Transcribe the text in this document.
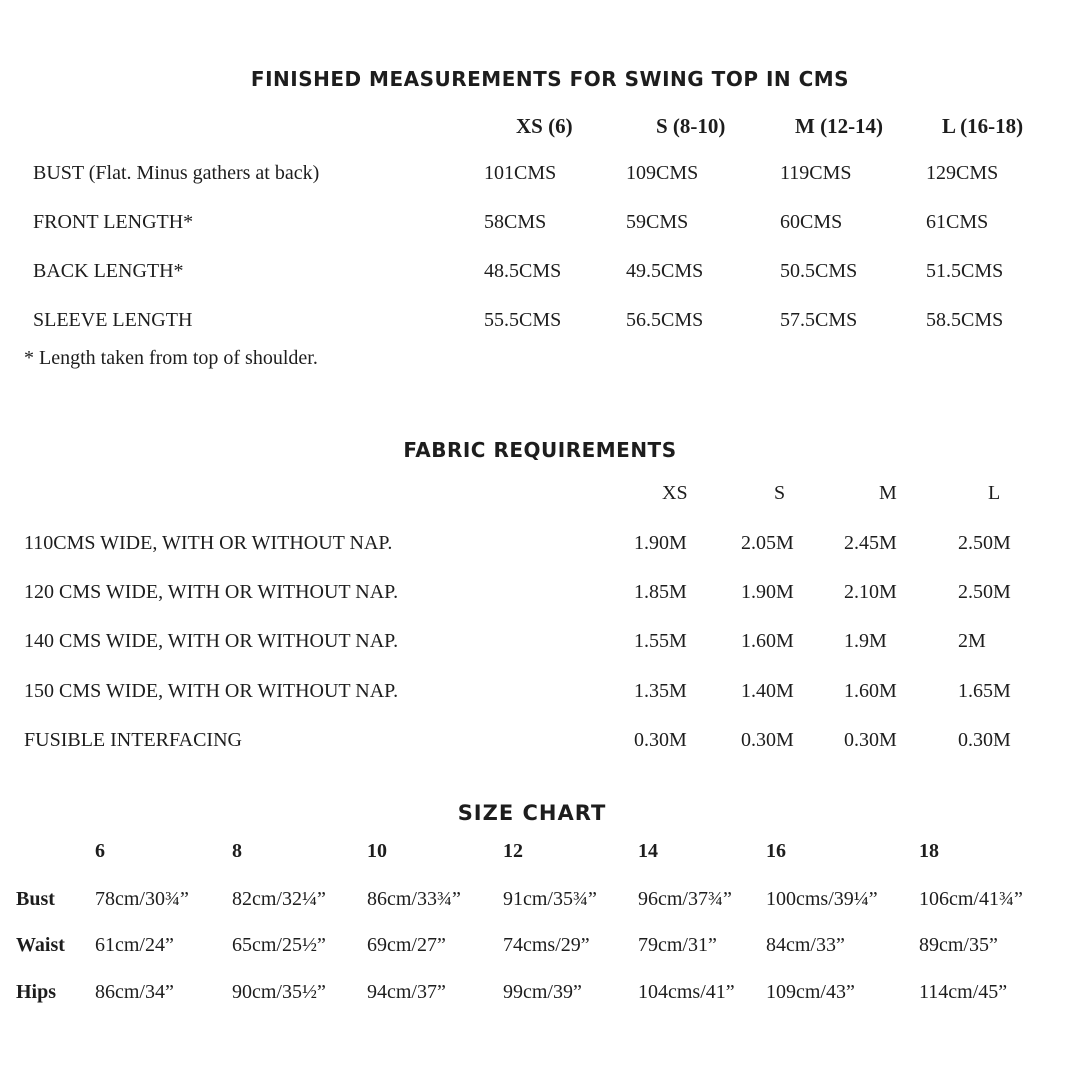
FINISHED MEASUREMENTS FOR SWING TOP IN CMS
XS (6)	S (8-10)	M (12-14)	L (16-18)
BUST (Flat. Minus gathers at back)	101CMS	109CMS	119CMS	129CMS
FRONT LENGTH*	58CMS	59CMS	60CMS	61CMS
BACK LENGTH*	48.5CMS	49.5CMS	50.5CMS	51.5CMS
SLEEVE LENGTH	55.5CMS	56.5CMS	57.5CMS	58.5CMS
* Length taken from top of shoulder.
FABRIC REQUIREMENTS
XS	S	M	L
110CMS WIDE, WITH OR WITHOUT NAP.	1.90M	2.05M	2.45M	2.50M
120 CMS WIDE, WITH OR WITHOUT NAP.	1.85M	1.90M	2.10M	2.50M
140 CMS WIDE, WITH OR WITHOUT NAP.	1.55M	1.60M	1.9M	2M
150 CMS WIDE, WITH OR WITHOUT NAP.	1.35M	1.40M	1.60M	1.65M
FUSIBLE INTERFACING	0.30M	0.30M	0.30M	0.30M
SIZE CHART
6	8	10	12	14	16	18
Bust 78cm/30¾” 82cm/32¼” 86cm/33¾” 91cm/35¾” 96cm/37¾” 100cms/39¼” 106cm/41¾”
Waist 61cm/24”	65cm/25½” 69cm/27”	74cms/29” 79cm/31” 84cm/33”	89cm/35”
Hips 86cm/34”	90cm/35½” 94cm/37”	99cm/39”	104cms/41” 109cm/43”	114cm/45”
